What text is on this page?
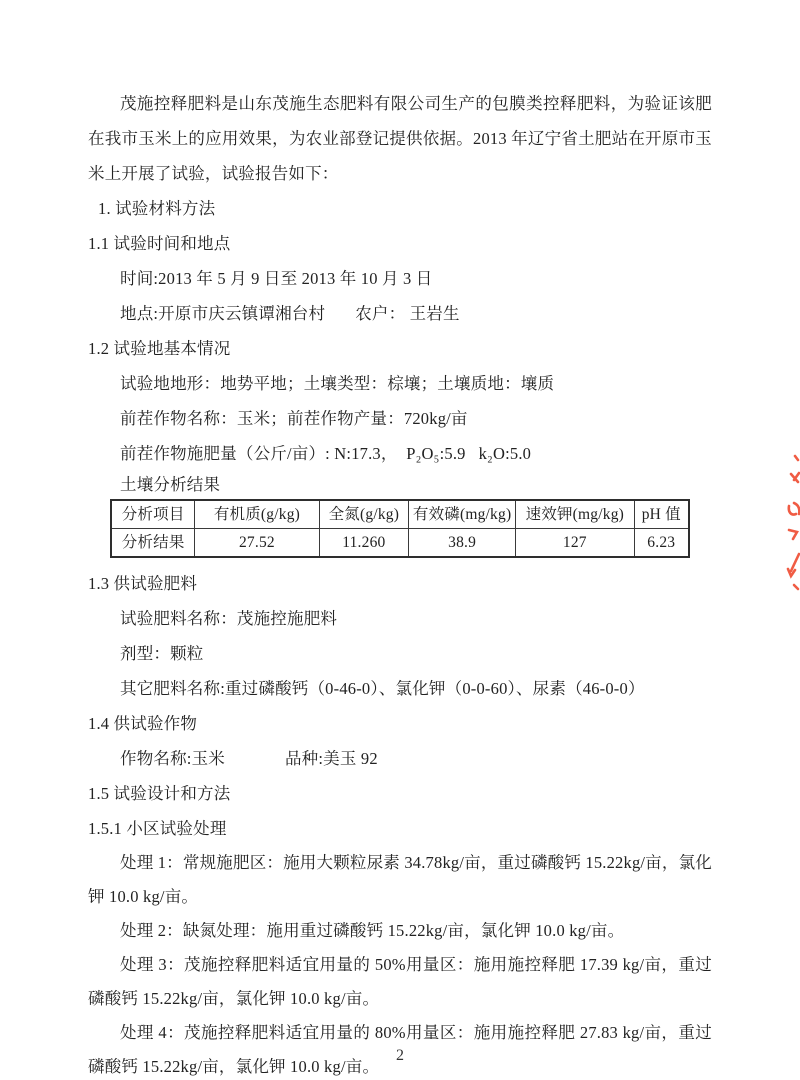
茂施控释肥料是山东茂施生态肥料有限公司生产的包膜类控释肥料，为验证该肥在我市玉米上的应用效果，为农业部登记提供依据。2013 年辽宁省土肥站在开原市玉米上开展了试验，试验报告如下：

1. 试验材料方法
1.1 试验时间和地点
时间:2013 年 5 月 9 日至 2013 年 10 月 3 日
地点:开原市庆云镇谭湘台村 农户： 王岩生
1.2 试验地基本情况
试验地地形：地势平地；土壤类型：棕壤；土壤质地：壤质
前茬作物名称：玉米；前茬作物产量：720kg/亩
前茬作物施肥量（公斤/亩）: N:17.3，  P₂O₅:5.9   k₂O:5.0
土壤分析结果
分析项目	有机质(g/kg)	全氮(g/kg)	有效磷(mg/kg)	速效钾(mg/kg)	pH 值
分析结果	27.52	11.260	38.9	127	6.23
1.3 供试验肥料
试验肥料名称：茂施控施肥料
剂型：颗粒
其它肥料名称:重过磷酸钙（0-46-0）、氯化钾（0-0-60）、尿素（46-0-0）
1.4 供试验作物
作物名称:玉米	品种:美玉 92
1.5 试验设计和方法
1.5.1 小区试验处理

处理 1：常规施肥区：施用大颗粒尿素 34.78kg/亩，重过磷酸钙 15.22kg/亩，氯化钾 10.0 kg/亩。

处理 2：缺氮处理：施用重过磷酸钙 15.22kg/亩，氯化钾 10.0 kg/亩。

处理 3：茂施控释肥料适宜用量的 50%用量区：施用施控释肥 17.39 kg/亩，重过磷酸钙 15.22kg/亩，氯化钾 10.0 kg/亩。

处理 4：茂施控释肥料适宜用量的 80%用量区：施用施控释肥 27.83 kg/亩，重过磷酸钙 15.22kg/亩，氯化钾 10.0 kg/亩。

2
